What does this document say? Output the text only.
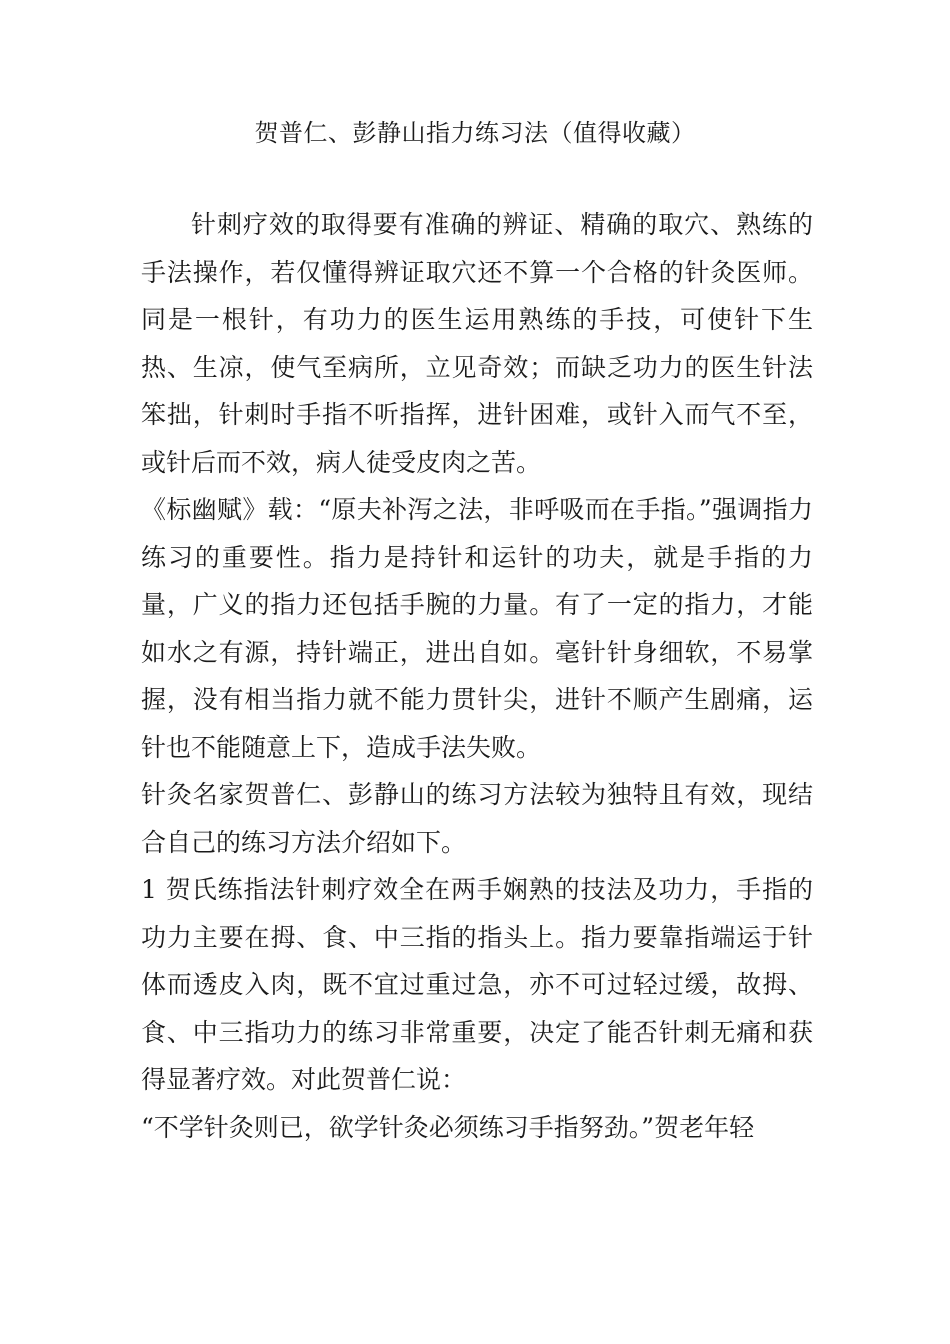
贺普仁、彭静山指力练习法（值得收藏）

针刺疗效的取得要有准确的辨证、精确的取穴、熟练的手法操作，若仅懂得辨证取穴还不算一个合格的针灸医师。同是一根针，有功力的医生运用熟练的手技，可使针下生热、生凉，使气至病所，立见奇效；而缺乏功力的医生针法笨拙，针刺时手指不听指挥，进针困难，或针入而气不至，或针后而不效，病人徒受皮肉之苦。

《标幽赋》载：“原夫补泻之法，非呼吸而在手指。”强调指力练习的重要性。指力是持针和运针的功夫，就是手指的力量，广义的指力还包括手腕的力量。有了一定的指力，才能如水之有源，持针端正，进出自如。毫针针身细软，不易掌握，没有相当指力就不能力贯针尖，进针不顺产生剧痛，运针也不能随意上下，造成手法失败。

针灸名家贺普仁、彭静山的练习方法较为独特且有效，现结合自己的练习方法介绍如下。

1 贺氏练指法针刺疗效全在两手娴熟的技法及功力，手指的功力主要在拇、食、中三指的指头上。指力要靠指端运于针体而透皮入肉，既不宜过重过急，亦不可过轻过缓，故拇、食、中三指功力的练习非常重要，决定了能否针刺无痛和获得显著疗效。对此贺普仁说：

“不学针灸则已，欲学针灸必须练习手指努劲。”贺老年轻
